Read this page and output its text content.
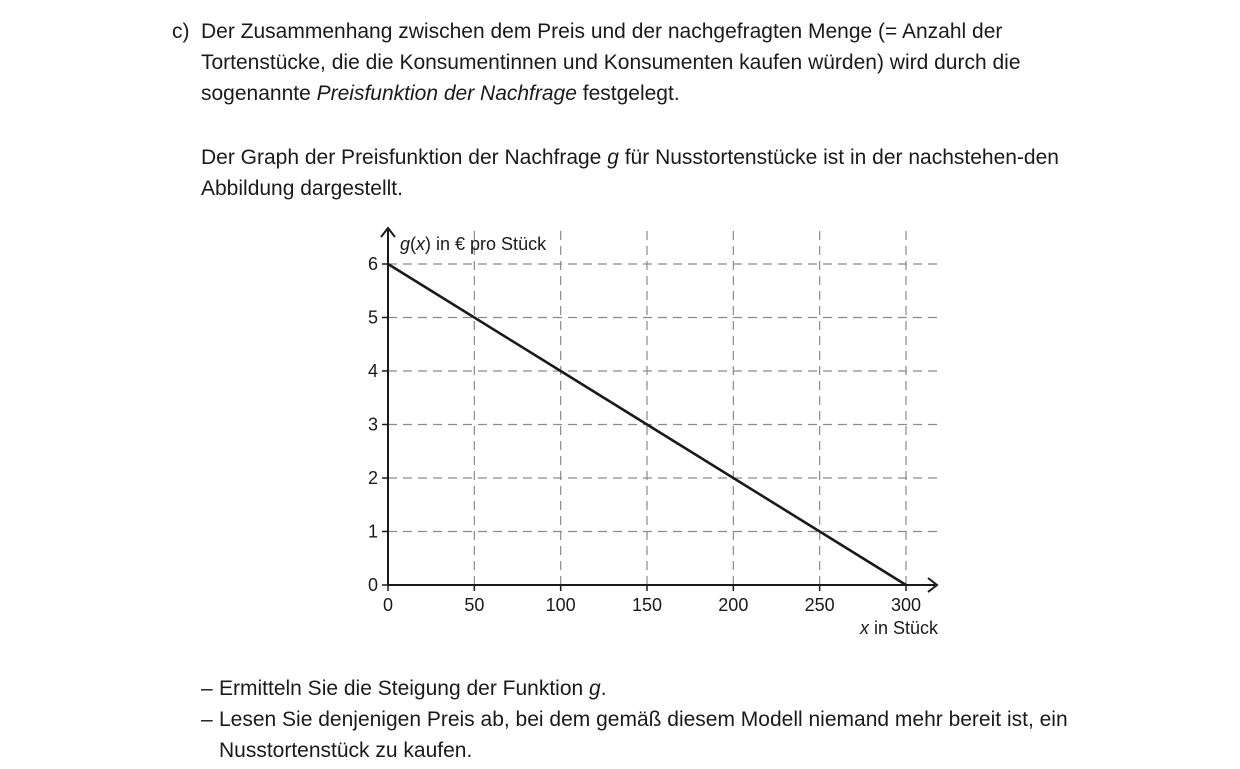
c) Der Zusammenhang zwischen dem Preis und der nachgefragten Menge (= Anzahl der Tortenstücke, die die Konsumentinnen und Konsumenten kaufen würden) wird durch die sogenannte Preisfunktion der Nachfrage festgelegt.

Der Graph der Preisfunktion der Nachfrage g für Nusstortenstücke ist in der nachstehen-den Abbildung dargestellt.

0	50	100	150	200	250	300
0
1
2
3
4
5
6
g(x) in € pro Stück
x in Stück
– Ermitteln Sie die Steigung der Funktion g.
– Lesen Sie denjenigen Preis ab, bei dem gemäß diesem Modell niemand mehr bereit ist, ein Nusstortenstück zu kaufen.
